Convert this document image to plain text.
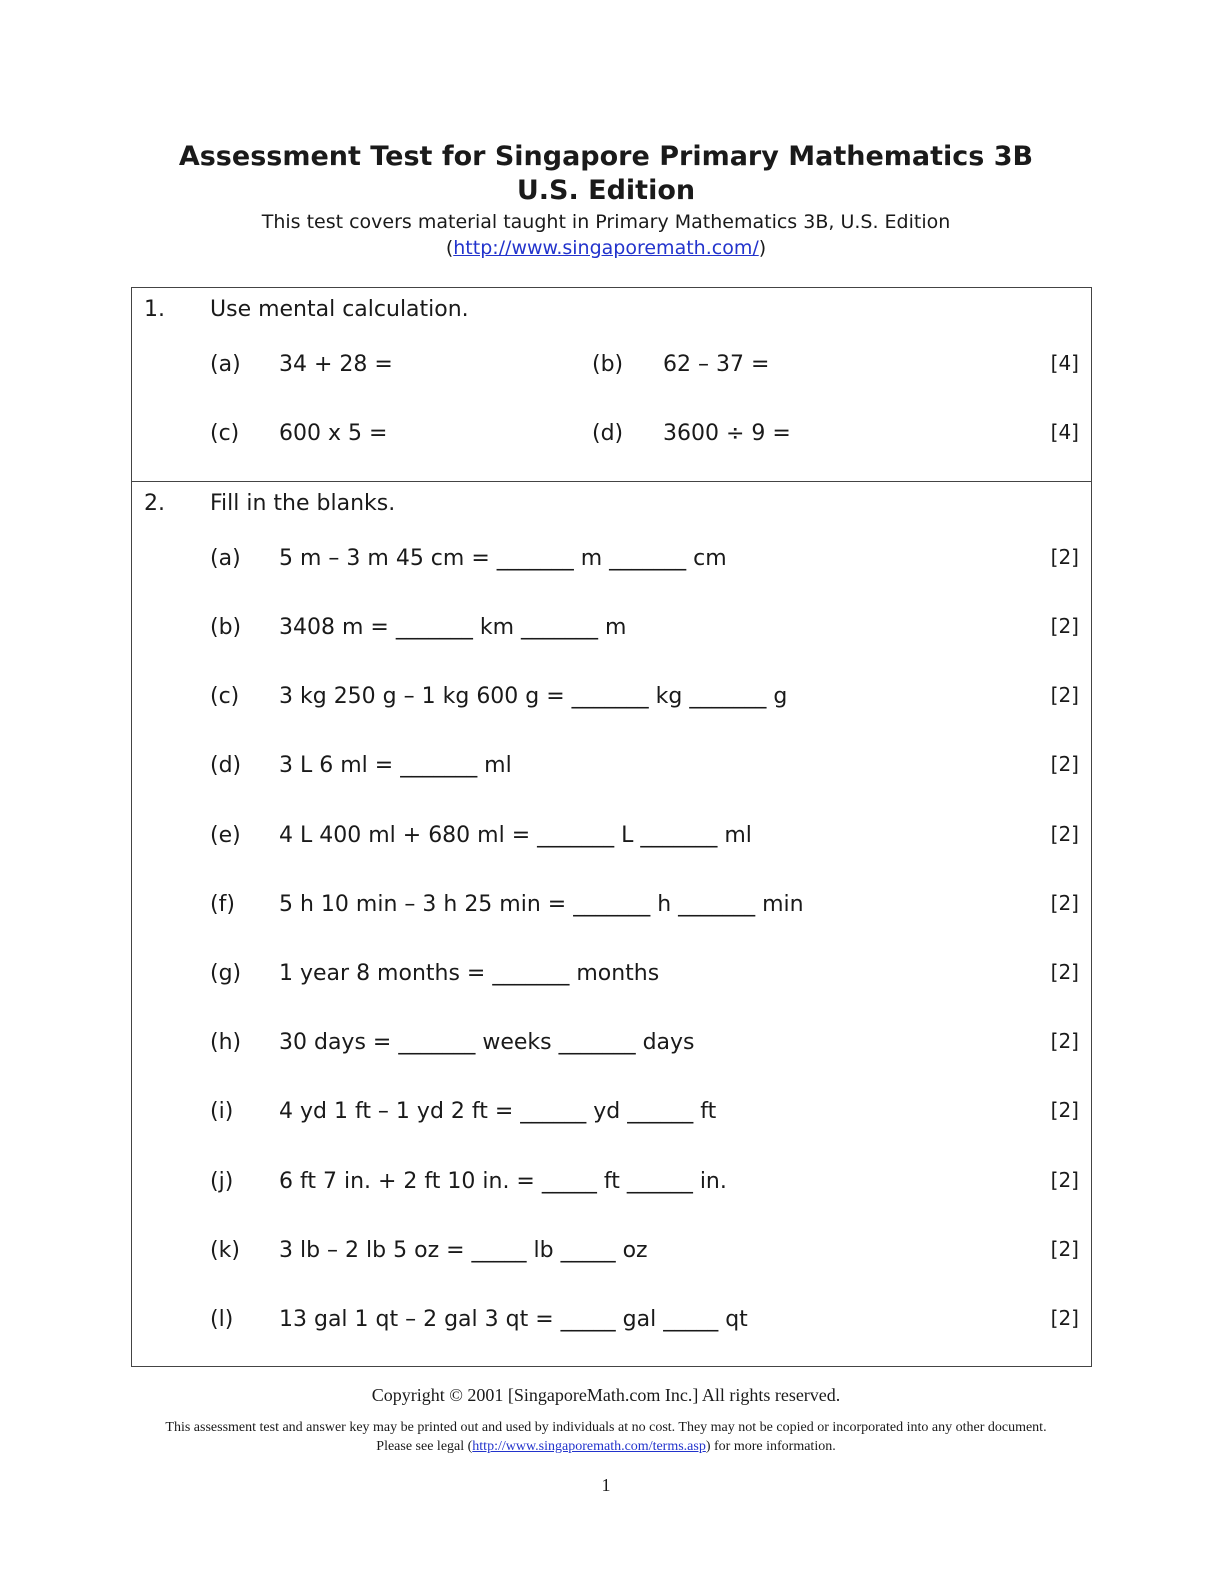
Assessment Test for Singapore Primary Mathematics 3B

U.S. Edition

This test covers material taught in Primary Mathematics 3B, U.S. Edition

(http://www.singaporemath.com/)

1. Use mental calculation.
(a) 34 + 28 =	(b) 62 – 37 =	[4]
(c) 600 x 5 =	(d) 3600 ÷ 9 =	[4]
2. Fill in the blanks.
(a) 5 m – 3 m 45 cm = _______ m _______ cm	[2]
(b) 3408 m = _______ km _______ m	[2]
(c) 3 kg 250 g – 1 kg 600 g = _______ kg _______ g	[2]
(d) 3 L 6 ml = _______ ml	[2]
(e) 4 L 400 ml + 680 ml = _______ L _______ ml	[2]
(f) 5 h 10 min – 3 h 25 min = _______ h _______ min	[2]
(g) 1 year 8 months = _______ months	[2]
(h) 30 days = _______ weeks _______ days	[2]
(i) 4 yd 1 ft – 1 yd 2 ft = ______ yd ______ ft	[2]
(j) 6 ft 7 in. + 2 ft 10 in. = _____ ft ______ in.	[2]
(k) 3 lb – 2 lb 5 oz = _____ lb _____ oz	[2]
(l) 13 gal 1 qt – 2 gal 3 qt = _____ gal _____ qt	[2]
Copyright © 2001 [SingaporeMath.com Inc.] All rights reserved.
This assessment test and answer key may be printed out and used by individuals at no cost. They may not be copied or incorporated into any other document. Please see legal (http://www.singaporemath.com/terms.asp) for more information.
1
